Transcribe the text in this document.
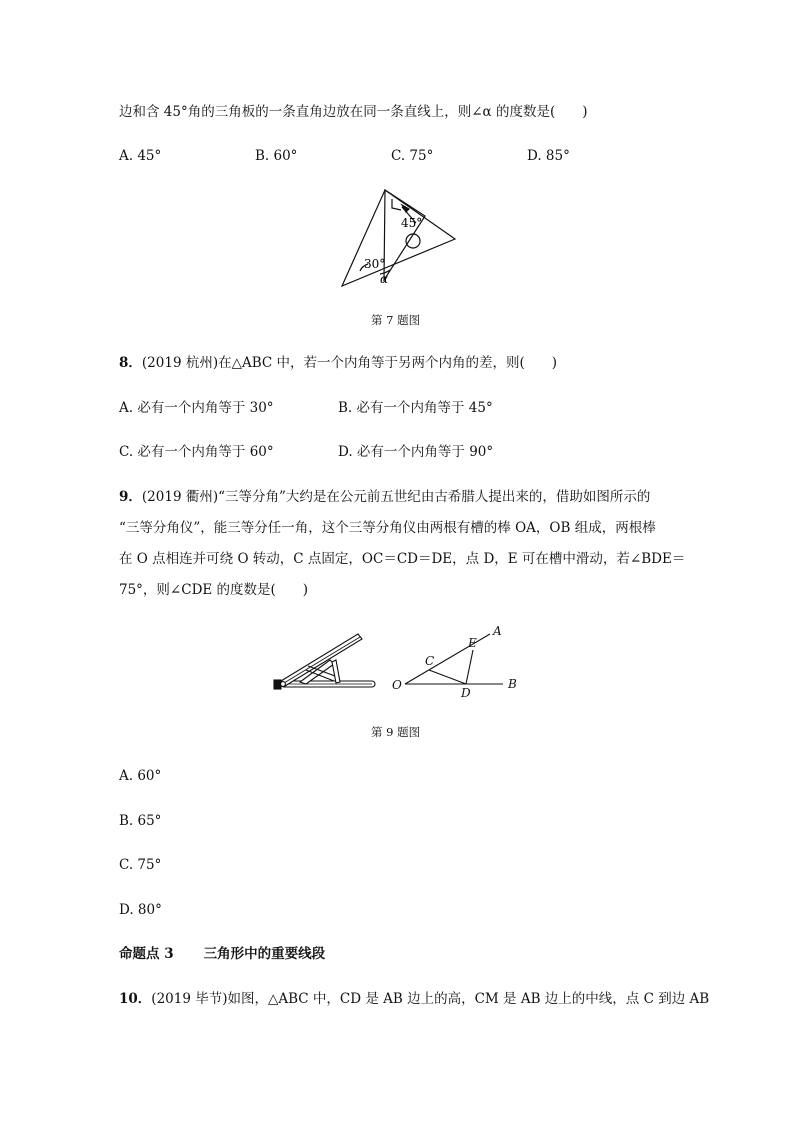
边和含 45°角的三角板的一条直角边放在同一条直线上，则∠α 的度数是(　　)
A. 45°	B. 60°	C. 75°	D. 85°
45°
30°
α
第 7 题图
8．(2019 杭州)在△ABC 中，若一个内角等于另两个内角的差，则(　　)
A. 必有一个内角等于 30°	B. 必有一个内角等于 45°
C. 必有一个内角等于 60°	D. 必有一个内角等于 90°
9．(2019 衢州)“三等分角”大约是在公元前五世纪由古希腊人提出来的，借助如图所示的
“三等分角仪”，能三等分任一角，这个三等分角仪由两根有槽的棒 OA，OB 组成，两根棒
在 O 点相连并可绕 O 转动，C 点固定，OC＝CD＝DE，点 D，E 可在槽中滑动，若∠BDE＝
75°，则∠CDE 的度数是(　　)
A
E
C
O
D
B
第 9 题图
A. 60°
B. 65°
C. 75°
D. 80°
命题点 3 三角形中的重要线段
10．(2019 毕节)如图，△ABC 中，CD 是 AB 边上的高，CM 是 AB 边上的中线，点 C 到边 AB
